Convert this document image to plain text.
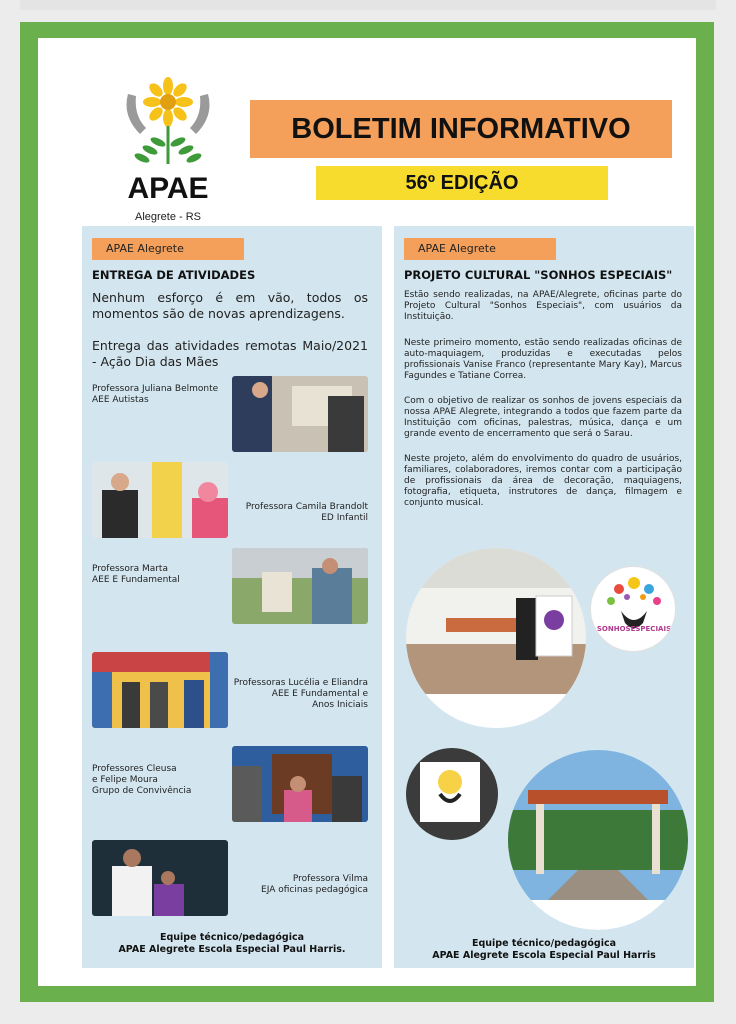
APAE
Alegrete - RS
BOLETIM INFORMATIVO
56º EDIÇÃO
APAE Alegrete
ENTREGA DE ATIVIDADES
Nenhum esforço é em vão, todos os momentos são de novas aprendizagens.
Entrega das atividades remotas Maio/2021 - Ação Dia das Mães
Professora Juliana Belmonte
AEE Autistas
Professora Camila Brandolt
ED Infantil
Professora Marta
AEE E Fundamental
Professoras Lucélia e Eliandra
AEE E Fundamental e
Anos Iniciais
Professores Cleusa
e Felipe Moura
Grupo de Convivência
Professora Vilma
EJA oficinas pedagógica
Equipe técnico/pedagógica
APAE Alegrete Escola Especial Paul Harris.
APAE Alegrete
PROJETO CULTURAL "SONHOS ESPECIAIS"
Estão sendo realizadas, na APAE/Alegrete, oficinas parte do Projeto Cultural "Sonhos Especiais", com usuários da Instituição.
Neste primeiro momento, estão sendo realizadas oficinas de auto-maquiagem, produzidas e executadas pelos profissionais Vanise Franco (representante Mary Kay), Marcus Fagundes e Tatiane Correa.
Com o objetivo de realizar os sonhos de jovens especiais da nossa APAE Alegrete, integrando a todos que fazem parte da Instituição com oficinas, palestras, música, dança e um grande evento de encerramento que será o Sarau.
Neste projeto, além do envolvimento do quadro de usuários, familiares, colaboradores, iremos contar com a participação de profissionais da área de decoração, maquiagens, fotografia, etiqueta, instrutores de dança, filmagem e conjunto musical.
SONHOSESPECIAIS
Equipe técnico/pedagógica
APAE Alegrete Escola Especial Paul Harris
